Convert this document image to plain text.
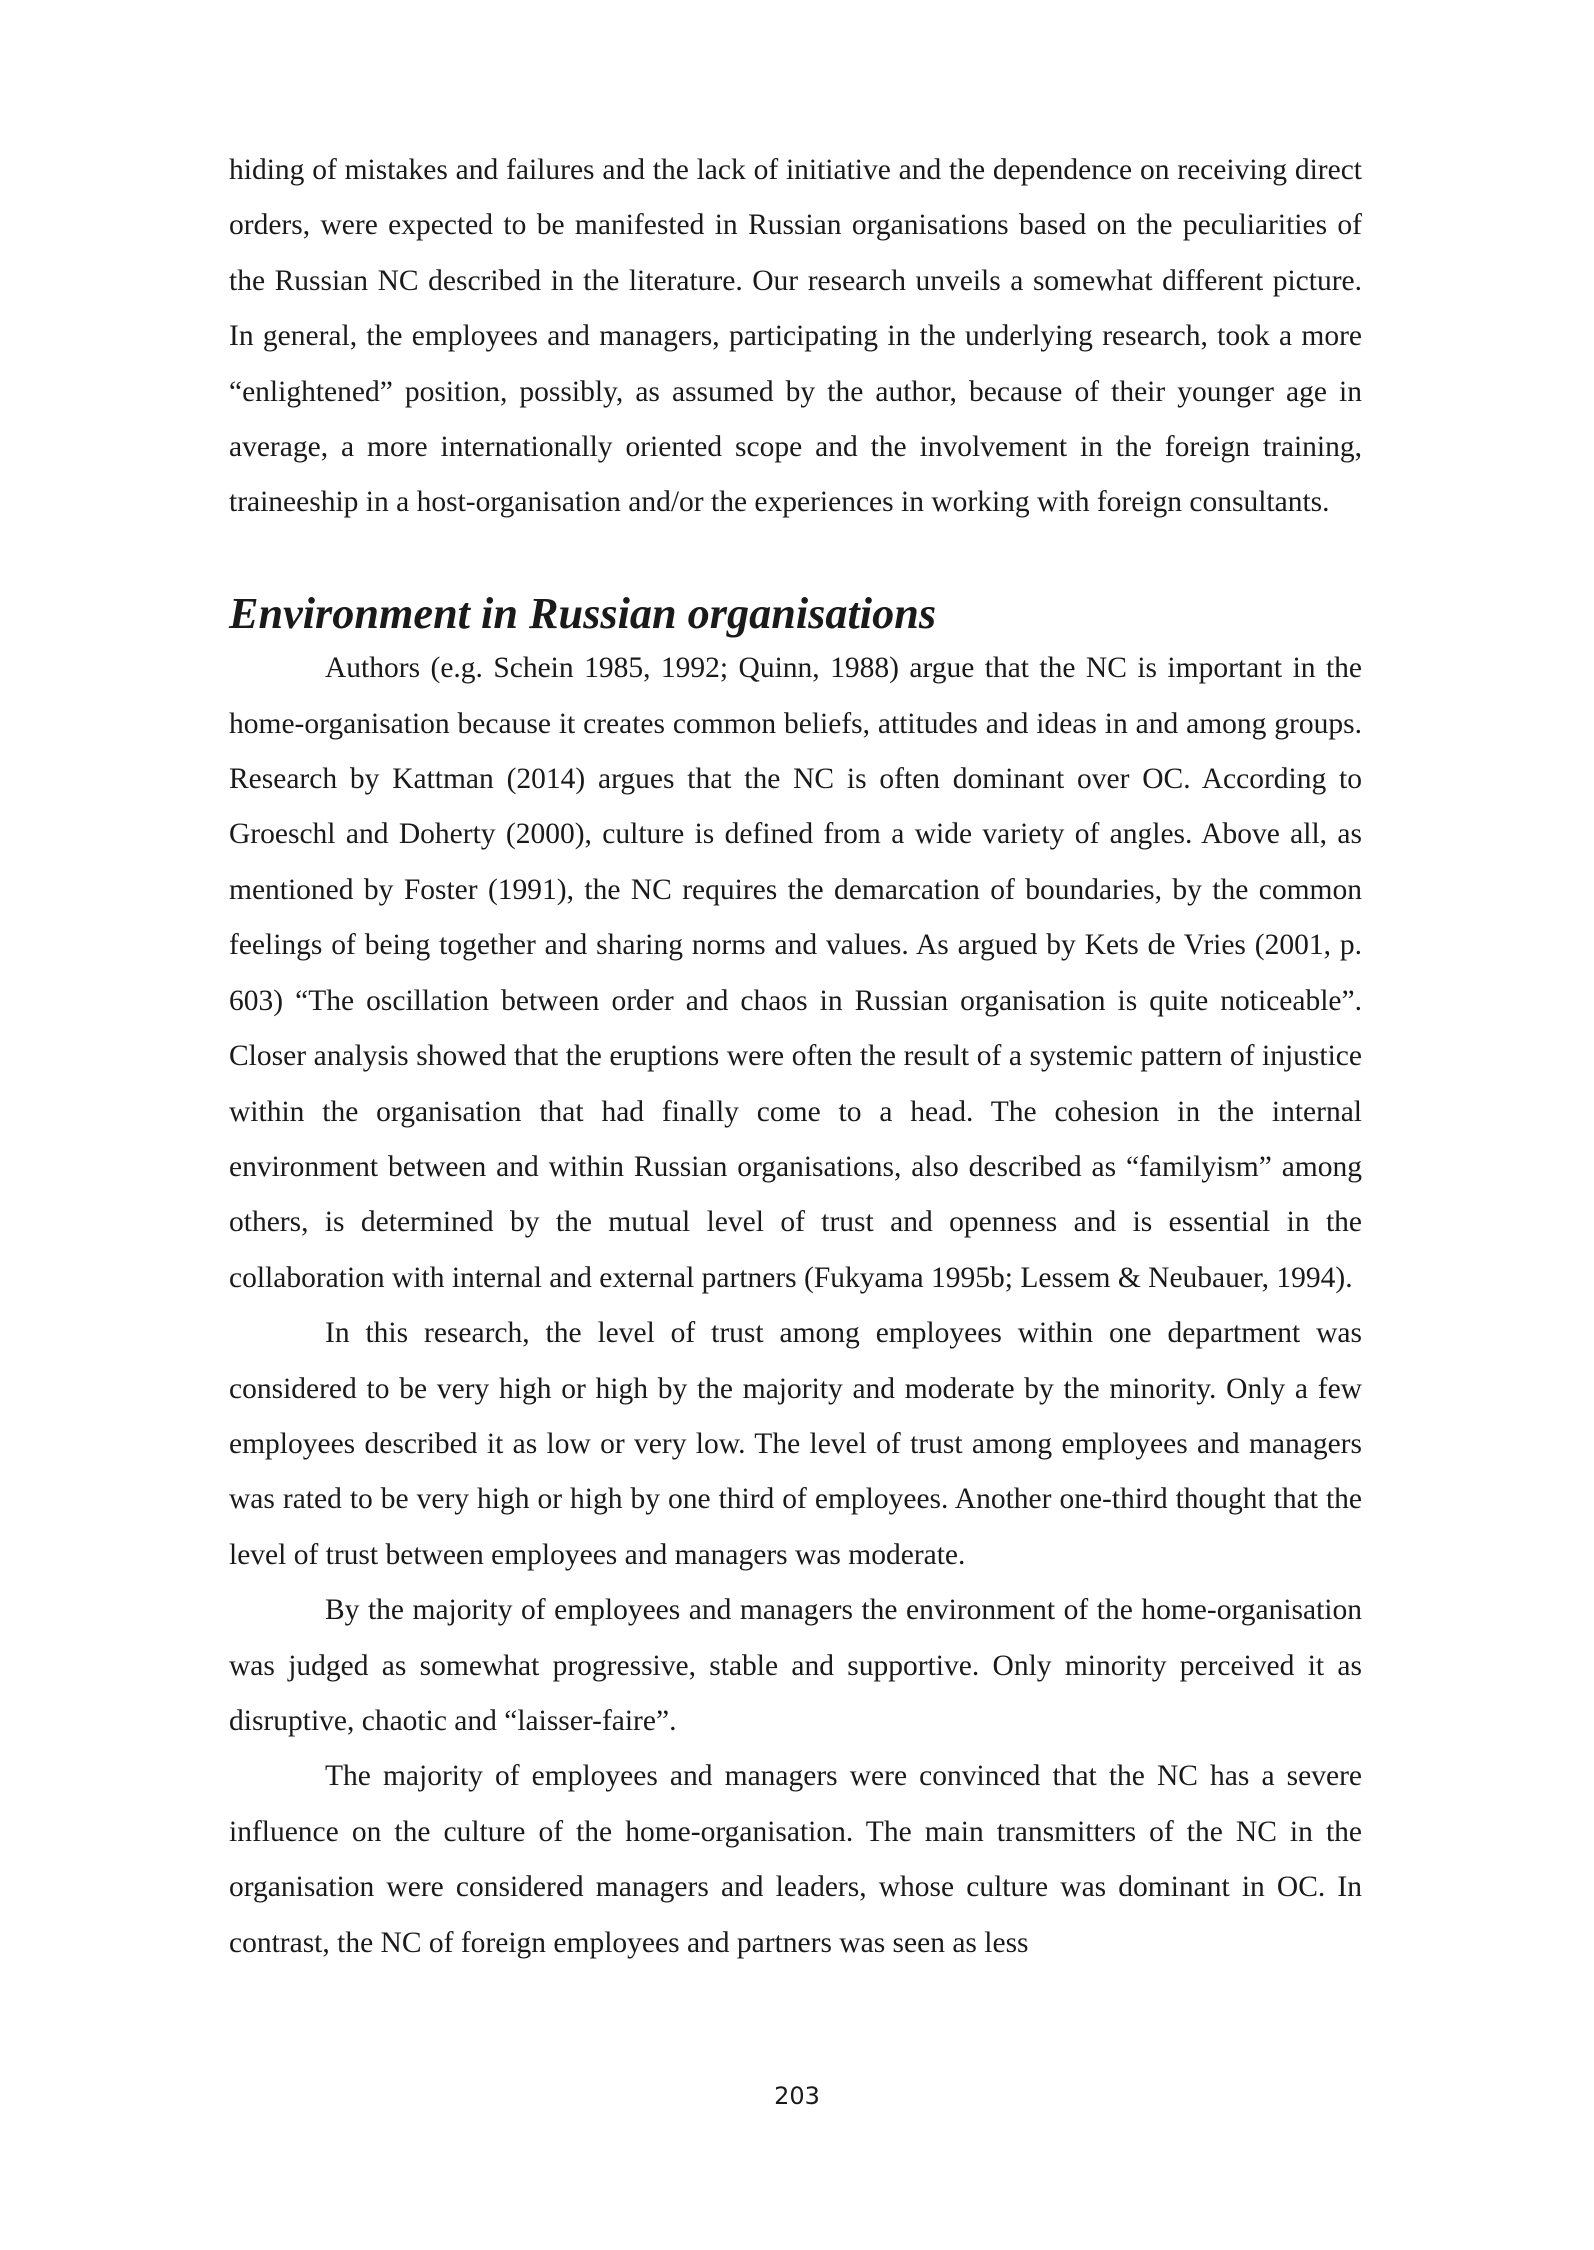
hiding of mistakes and failures and the lack of initiative and the dependence on receiving direct orders, were expected to be manifested in Russian organisations based on the peculiarities of the Russian NC described in the literature. Our research unveils a somewhat different picture. In general, the employees and managers, participating in the underlying research, took a more “enlightened” position, possibly, as assumed by the author, because of their younger age in average, a more internationally oriented scope and the involvement in the foreign training, traineeship in a host-organisation and/or the experiences in working with foreign consultants.

Environment in Russian organisations

Authors (e.g. Schein 1985, 1992; Quinn, 1988) argue that the NC is important in the home-organisation because it creates common beliefs, attitudes and ideas in and among groups. Research by Kattman (2014) argues that the NC is often dominant over OC. According to Groeschl and Doherty (2000), culture is defined from a wide variety of angles. Above all, as mentioned by Foster (1991), the NC requires the demarcation of boundaries, by the common feelings of being together and sharing norms and values. As argued by Kets de Vries (2001, p. 603) “The oscillation between order and chaos in Russian organisation is quite noticeable”. Closer analysis showed that the eruptions were often the result of a systemic pattern of injustice within the organisation that had finally come to a head. The cohesion in the internal environment between and within Russian organisations, also described as “familyism” among others, is determined by the mutual level of trust and openness and is essential in the collaboration with internal and external partners (Fukyama 1995b; Lessem & Neubauer, 1994).

In this research, the level of trust among employees within one department was considered to be very high or high by the majority and moderate by the minority. Only a few employees described it as low or very low. The level of trust among employees and managers was rated to be very high or high by one third of employees. Another one-third thought that the level of trust between employees and managers was moderate.

By the majority of employees and managers the environment of the home-organisation was judged as somewhat progressive, stable and supportive. Only minority perceived it as disruptive, chaotic and “laisser-faire”.

The majority of employees and managers were convinced that the NC has a severe influence on the culture of the home-organisation. The main transmitters of the NC in the organisation were considered managers and leaders, whose culture was dominant in OC. In contrast, the NC of foreign employees and partners was seen as less

203
